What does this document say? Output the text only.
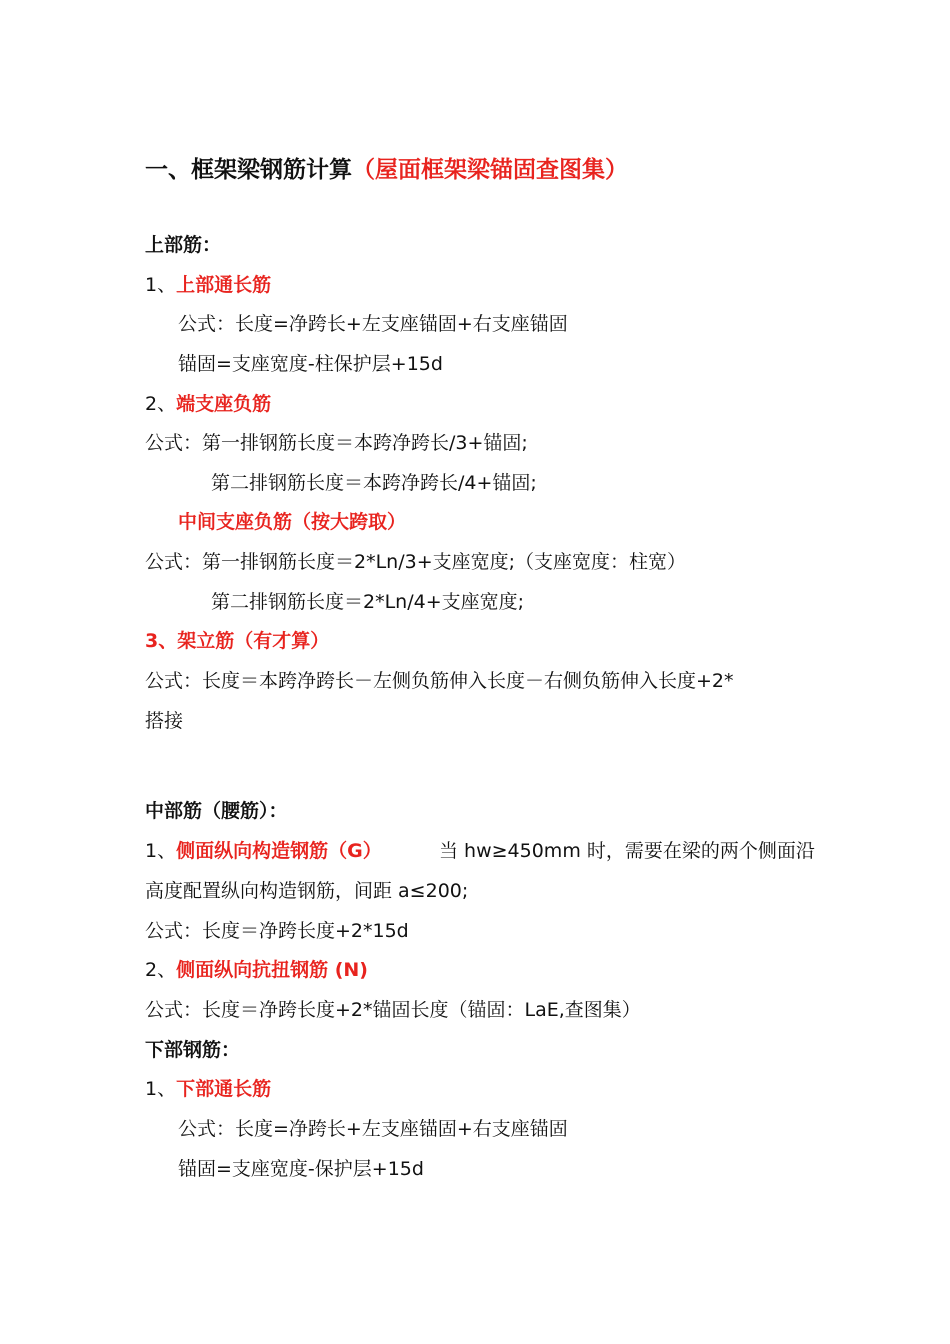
一、框架梁钢筋计算（屋面框架梁锚固查图集）
上部筋：
1、上部通长筋
公式：长度=净跨长+左支座锚固+右支座锚固
锚固=支座宽度-柱保护层+15d
2、端支座负筋
公式：第一排钢筋长度＝本跨净跨长/3+锚固;
第二排钢筋长度＝本跨净跨长/4+锚固;
中间支座负筋（按大跨取）
公式：第一排钢筋长度＝2*Ln/3+支座宽度;（支座宽度：柱宽）
第二排钢筋长度＝2*Ln/4+支座宽度;
3、架立筋（有才算）
公式：长度＝本跨净跨长－左侧负筋伸入长度－右侧负筋伸入长度+2*
搭接
中部筋（腰筋）：
1、侧面纵向构造钢筋（G）	当 hw≥450mm 时，需要在梁的两个侧面沿
高度配置纵向构造钢筋，间距 a≤200;
公式：长度＝净跨长度+2*15d
2、侧面纵向抗扭钢筋 (N)
公式：长度＝净跨长度+2*锚固长度（锚固：LaE,查图集）
下部钢筋：
1、下部通长筋
公式：长度=净跨长+左支座锚固+右支座锚固
锚固=支座宽度-保护层+15d
